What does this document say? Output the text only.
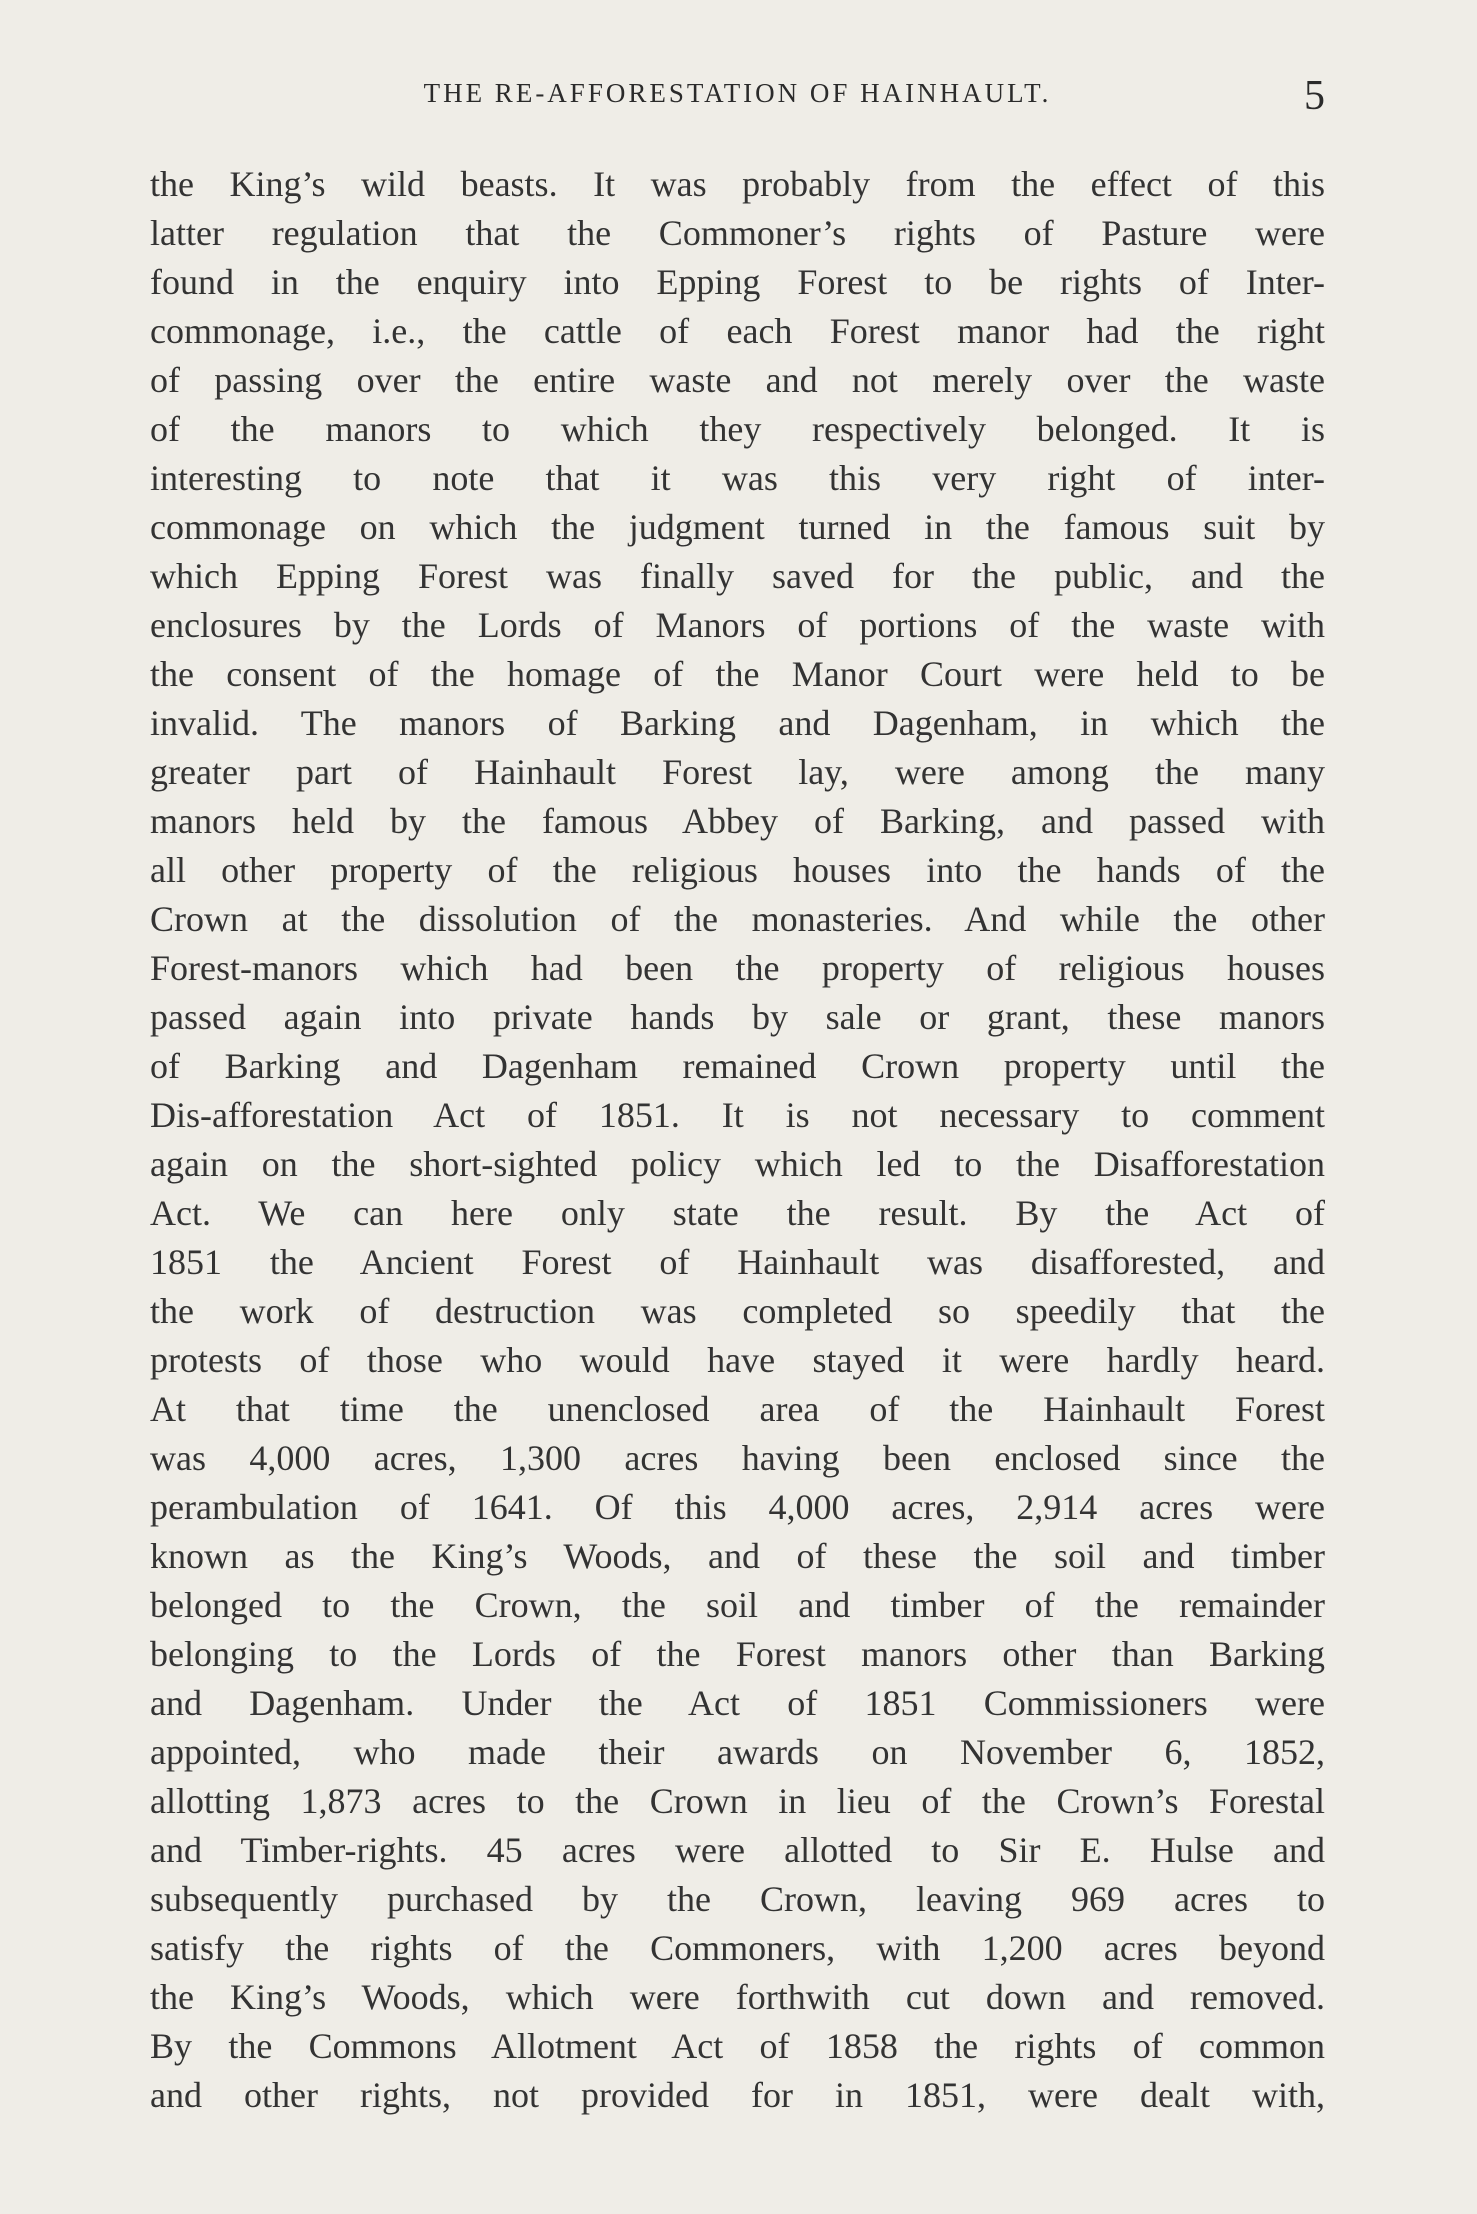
THE RE-AFFORESTATION OF HAINHAULT.	5
the King’s wild beasts. It was probably from the effect of this
latter regulation that the Commoner’s rights of Pasture were
found in the enquiry into Epping Forest to be rights of Inter-
commonage, i.e., the cattle of each Forest manor had the right
of passing over the entire waste and not merely over the waste
of the manors to which they respectively belonged. It is
interesting to note that it was this very right of inter-
commonage on which the judgment turned in the famous suit by
which Epping Forest was finally saved for the public, and the
enclosures by the Lords of Manors of portions of the waste with
the consent of the homage of the Manor Court were held to be
invalid. The manors of Barking and Dagenham, in which the
greater part of Hainhault Forest lay, were among the many
manors held by the famous Abbey of Barking, and passed with
all other property of the religious houses into the hands of the
Crown at the dissolution of the monasteries. And while the other
Forest-manors which had been the property of religious houses
passed again into private hands by sale or grant, these manors
of Barking and Dagenham remained Crown property until the
Dis-afforestation Act of 1851. It is not necessary to comment
again on the short-sighted policy which led to the Disafforestation
Act. We can here only state the result. By the Act of
1851 the Ancient Forest of Hainhault was disafforested, and
the work of destruction was completed so speedily that the
protests of those who would have stayed it were hardly heard.
At that time the unenclosed area of the Hainhault Forest
was 4,000 acres, 1,300 acres having been enclosed since the
perambulation of 1641. Of this 4,000 acres, 2,914 acres were
known as the King’s Woods, and of these the soil and timber
belonged to the Crown, the soil and timber of the remainder
belonging to the Lords of the Forest manors other than Barking
and Dagenham. Under the Act of 1851 Commissioners were
appointed, who made their awards on November 6, 1852,
allotting 1,873 acres to the Crown in lieu of the Crown’s Forestal
and Timber-rights. 45 acres were allotted to Sir E. Hulse and
subsequently purchased by the Crown, leaving 969 acres to
satisfy the rights of the Commoners, with 1,200 acres beyond
the King’s Woods, which were forthwith cut down and removed.
By the Commons Allotment Act of 1858 the rights of common
and other rights, not provided for in 1851, were dealt with,
